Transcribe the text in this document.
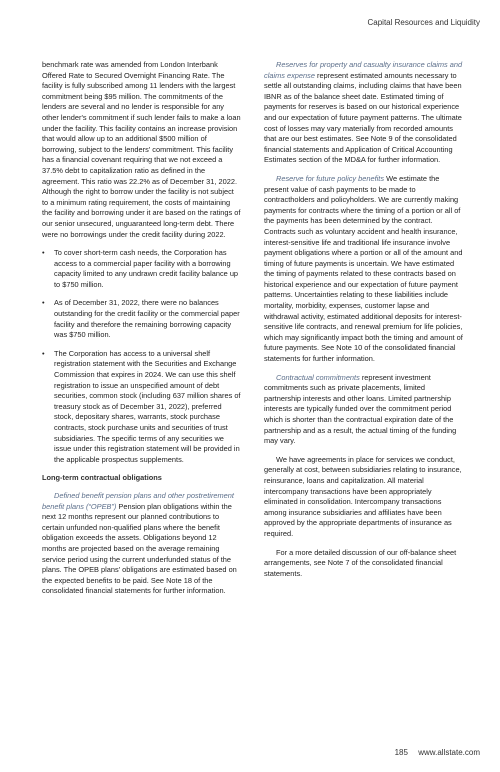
Capital Resources and Liquidity

benchmark rate was amended from London Interbank Offered Rate to Secured Overnight Financing Rate. The facility is fully subscribed among 11 lenders with the largest commitment being $95 million. The commitments of the lenders are several and no lender is responsible for any other lender's commitment if such lender fails to make a loan under the facility. This facility contains an increase provision that would allow up to an additional $500 million of borrowing, subject to the lenders' commitment. This facility has a financial covenant requiring that we not exceed a 37.5% debt to capitalization ratio as defined in the agreement. This ratio was 22.2% as of December 31, 2022. Although the right to borrow under the facility is not subject to a minimum rating requirement, the costs of maintaining the facility and borrowing under it are based on the ratings of our senior unsecured, unguaranteed long-term debt. There were no borrowings under the credit facility during 2022.

• To cover short-term cash needs, the Corporation has access to a commercial paper facility with a borrowing capacity limited to any undrawn credit facility balance up to $750 million.
• As of December 31, 2022, there were no balances outstanding for the credit facility or the commercial paper facility and therefore the remaining borrowing capacity was $750 million.
• The Corporation has access to a universal shelf registration statement with the Securities and Exchange Commission that expires in 2024. We can use this shelf registration to issue an unspecified amount of debt securities, common stock (including 637 million shares of treasury stock as of December 31, 2022), preferred stock, depositary shares, warrants, stock purchase contracts, stock purchase units and securities of trust subsidiaries. The specific terms of any securities we issue under this registration statement will be provided in the applicable prospectus supplements.
Long-term contractual obligations

Defined benefit pension plans and other postretirement benefit plans (“OPEB”) Pension plan obligations within the next 12 months represent our planned contributions to certain unfunded non-qualified plans where the benefit obligation exceeds the assets. Obligations beyond 12 months are projected based on the average remaining service period using the current underfunded status of the plans. The OPEB plans' obligations are estimated based on the expected benefits to be paid. See Note 18 of the consolidated financial statements for further information.

Reserves for property and casualty insurance claims and claims expense represent estimated amounts necessary to settle all outstanding claims, including claims that have been IBNR as of the balance sheet date. Estimated timing of payments for reserves is based on our historical experience and our expectation of future payment patterns. The ultimate cost of losses may vary materially from recorded amounts that are our best estimates. See Note 9 of the consolidated financial statements and Application of Critical Accounting Estimates section of the MD&A for further information.

Reserve for future policy benefits We estimate the present value of cash payments to be made to contractholders and policyholders. We are currently making payments for contracts where the timing of a portion or all of the payments has been determined by the contract. Contracts such as voluntary accident and health insurance, interest-sensitive life and traditional life insurance involve payment obligations where a portion or all of the amount and timing of future payments is uncertain. We have estimated the timing of payments related to these contracts based on historical experience and our expectation of future payment patterns. Uncertainties relating to these liabilities include mortality, morbidity, expenses, customer lapse and withdrawal activity, estimated additional deposits for interest-sensitive life contracts, and renewal premium for life policies, which may significantly impact both the timing and amount of future payments. See Note 10 of the consolidated financial statements for further information.

Contractual commitments represent investment commitments such as private placements, limited partnership interests and other loans. Limited partnership interests are typically funded over the commitment period which is shorter than the contractual expiration date of the partnership and as a result, the actual timing of the funding may vary.

We have agreements in place for services we conduct, generally at cost, between subsidiaries relating to insurance, reinsurance, loans and capitalization. All material intercompany transactions have been appropriately eliminated in consolidation. Intercompany transactions among insurance subsidiaries and affiliates have been approved by the appropriate departments of insurance as required.

For a more detailed discussion of our off-balance sheet arrangements, see Note 7 of the consolidated financial statements.

185 www.allstate.com
